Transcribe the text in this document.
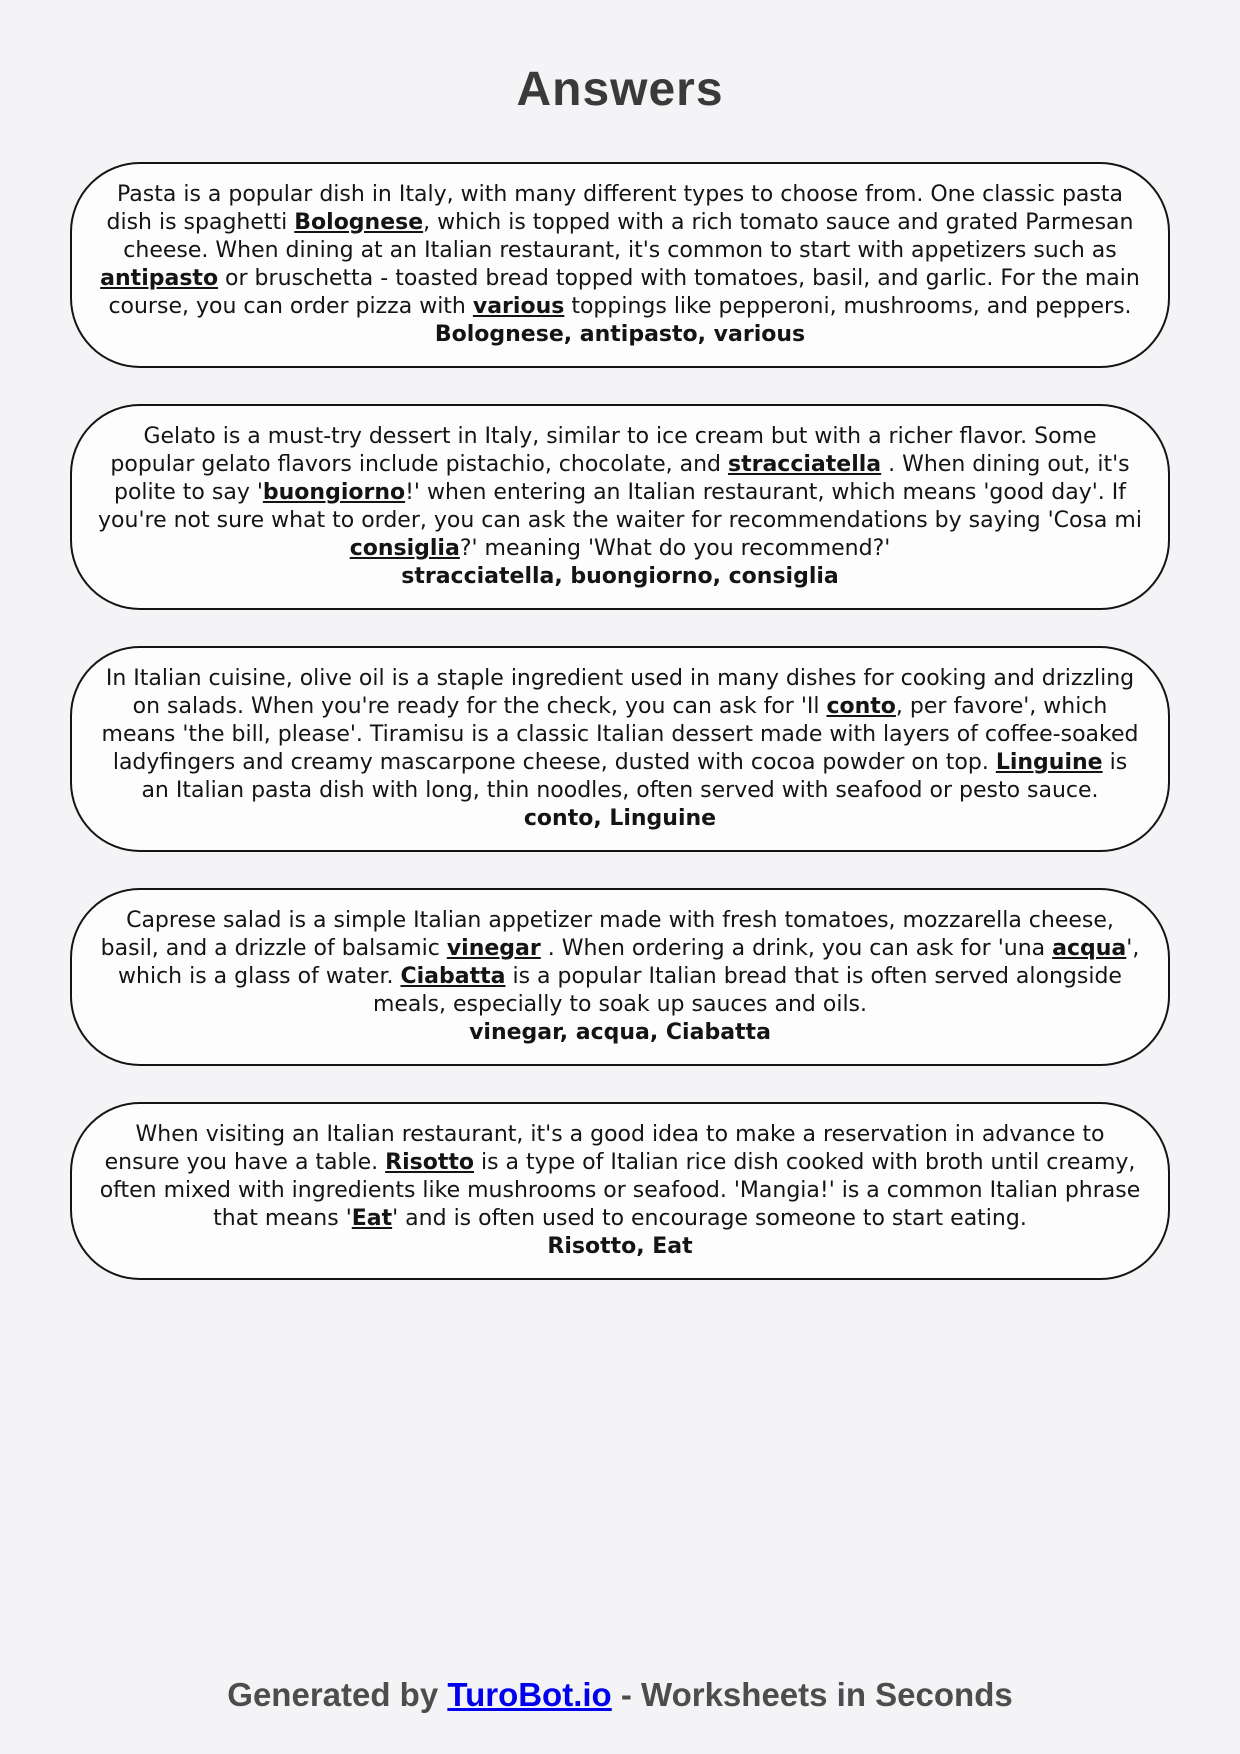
Answers

Pasta is a popular dish in Italy, with many different types to choose from. One classic pasta dish is spaghetti Bolognese, which is topped with a rich tomato sauce and grated Parmesan cheese. When dining at an Italian restaurant, it's common to start with appetizers such as antipasto or bruschetta - toasted bread topped with tomatoes, basil, and garlic. For the main course, you can order pizza with various toppings like pepperoni, mushrooms, and peppers.

Bolognese, antipasto, various

Gelato is a must-try dessert in Italy, similar to ice cream but with a richer flavor. Some popular gelato flavors include pistachio, chocolate, and stracciatella . When dining out, it's polite to say 'buongiorno!' when entering an Italian restaurant, which means 'good day'. If you're not sure what to order, you can ask the waiter for recommendations by saying 'Cosa mi consiglia?' meaning 'What do you recommend?'

stracciatella, buongiorno, consiglia

In Italian cuisine, olive oil is a staple ingredient used in many dishes for cooking and drizzling on salads. When you're ready for the check, you can ask for 'Il conto, per favore', which means 'the bill, please'. Tiramisu is a classic Italian dessert made with layers of coffee-soaked ladyfingers and creamy mascarpone cheese, dusted with cocoa powder on top. Linguine is an Italian pasta dish with long, thin noodles, often served with seafood or pesto sauce.

conto, Linguine

Caprese salad is a simple Italian appetizer made with fresh tomatoes, mozzarella cheese, basil, and a drizzle of balsamic vinegar . When ordering a drink, you can ask for 'una acqua', which is a glass of water. Ciabatta is a popular Italian bread that is often served alongside meals, especially to soak up sauces and oils.

vinegar, acqua, Ciabatta

When visiting an Italian restaurant, it's a good idea to make a reservation in advance to ensure you have a table. Risotto is a type of Italian rice dish cooked with broth until creamy, often mixed with ingredients like mushrooms or seafood. 'Mangia!' is a common Italian phrase that means 'Eat' and is often used to encourage someone to start eating.

Risotto, Eat
Generated by TuroBot.io - Worksheets in Seconds
